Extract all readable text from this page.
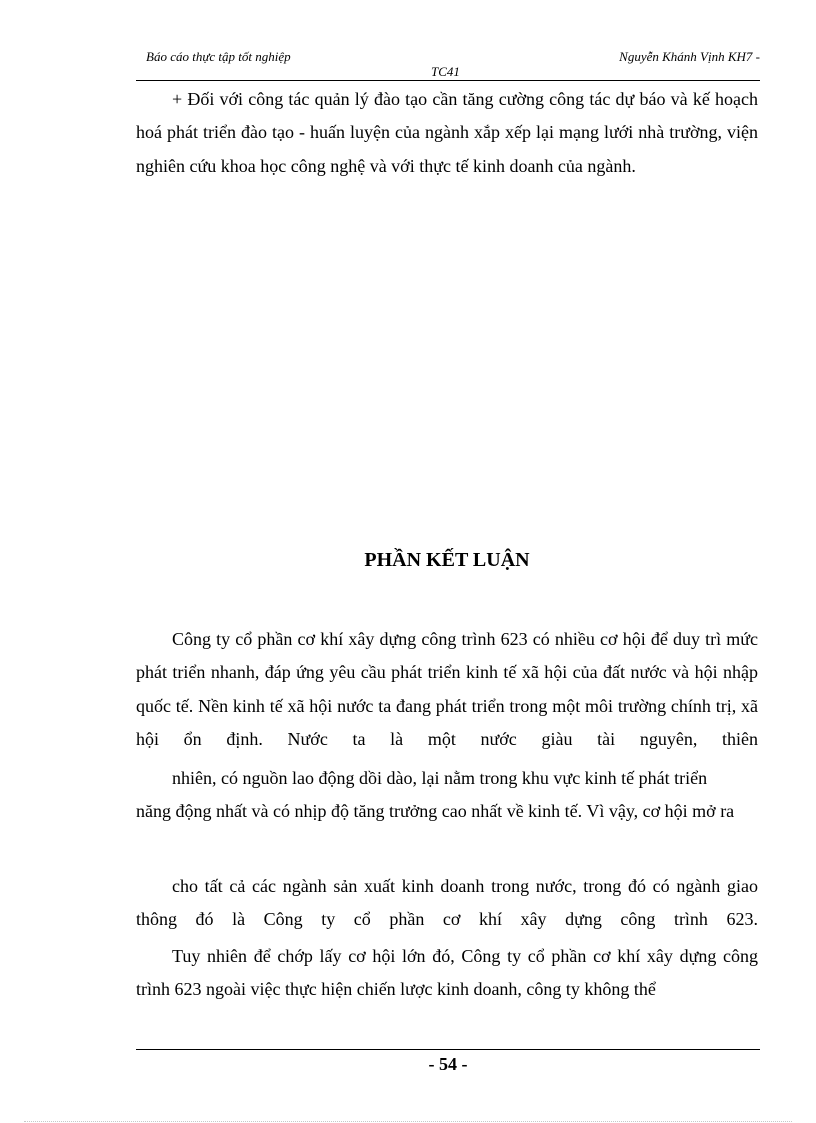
Báo cáo thực tập tốt nghiệp	Nguyễn Khánh Vịnh KH7 -
TC41

+ Đối với công tác quản lý đào tạo cần tăng cường công tác dự báo và kế hoạch hoá phát triển đào tạo - huấn luyện của ngành xắp xếp lại mạng lưới nhà trường, viện nghiên cứu khoa học công nghệ và với thực tế kinh doanh của ngành.

PHẦN KẾT LUẬN

Công ty cổ phần cơ khí xây dựng công trình 623 có nhiều cơ hội để duy trì mức phát triển nhanh, đáp ứng yêu cầu phát triển kinh tế xã hội của đất nước và hội nhập quốc tế. Nền kinh tế xã hội nước ta đang phát triển trong một môi trường chính trị, xã hội ổn định. Nước ta là một nước giàu tài nguyên, thiên

nhiên, có nguồn lao động dồi dào, lại nằm trong khu vực kinh tế phát triển

năng động nhất và có nhịp độ tăng trưởng cao nhất về kinh tế. Vì vậy, cơ hội mở ra

cho tất cả các ngành sản xuất kinh doanh trong nước, trong đó có ngành giao thông đó là Công ty cổ phần cơ khí xây dựng công trình 623.

Tuy nhiên để chớp lấy cơ hội lớn đó, Công ty cổ phần cơ khí xây dựng công trình 623 ngoài việc thực hiện chiến lược kinh doanh, công ty không thể

- 54 -
